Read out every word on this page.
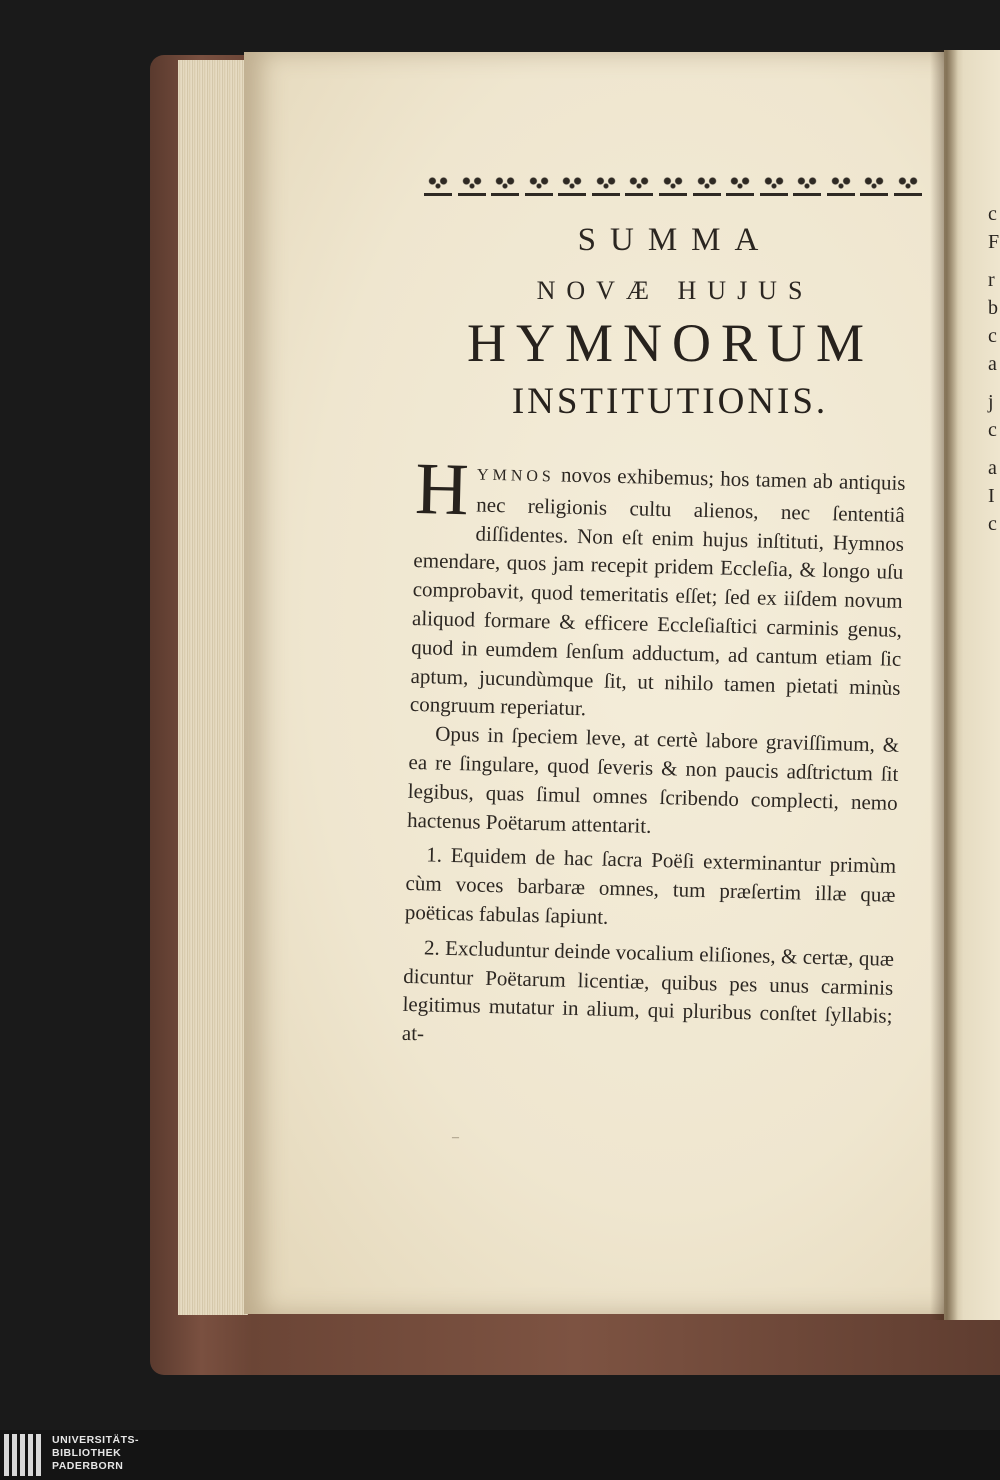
c
F
r
b
c
a
j
c
a
I
c
SUMMA
NOVÆ HUJUS
HYMNORUM
INSTITUTIONIS.

HYMNOS novos exhibemus; hos tamen ab antiquis nec religionis cultu alienos, nec ſententiâ diſſidentes. Non eſt enim hujus inſtituti, Hymnos emendare, quos jam recepit pridem Eccleſia, & longo uſu comprobavit, quod temeritatis eſſet; ſed ex iiſdem novum aliquod formare & efficere Eccleſiaſtici carminis genus, quod in eumdem ſenſum adductum, ad cantum etiam ſic aptum, jucundùmque ſit, ut nihilo tamen pietati minùs congruum reperiatur.

Opus in ſpeciem leve, at certè labore graviſſimum, & ea re ſingulare, quod ſeveris & non paucis adſtrictum ſit legibus, quas ſimul omnes ſcribendo complecti, nemo hactenus Poëtarum attentarit.

1. Equidem de hac ſacra Poëſi exterminantur primùm cùm voces barbaræ omnes, tum præſertim illæ quæ poëticas fabulas ſapiunt.

2. Excluduntur deinde vocalium eliſiones, & certæ, quæ dicuntur Poëtarum licentiæ, quibus pes unus carminis legitimus mutatur in alium, qui pluribus conſtet ſyllabis; at-

–
UNIVERSITÄTS-
BIBLIOTHEK
PADERBORN
